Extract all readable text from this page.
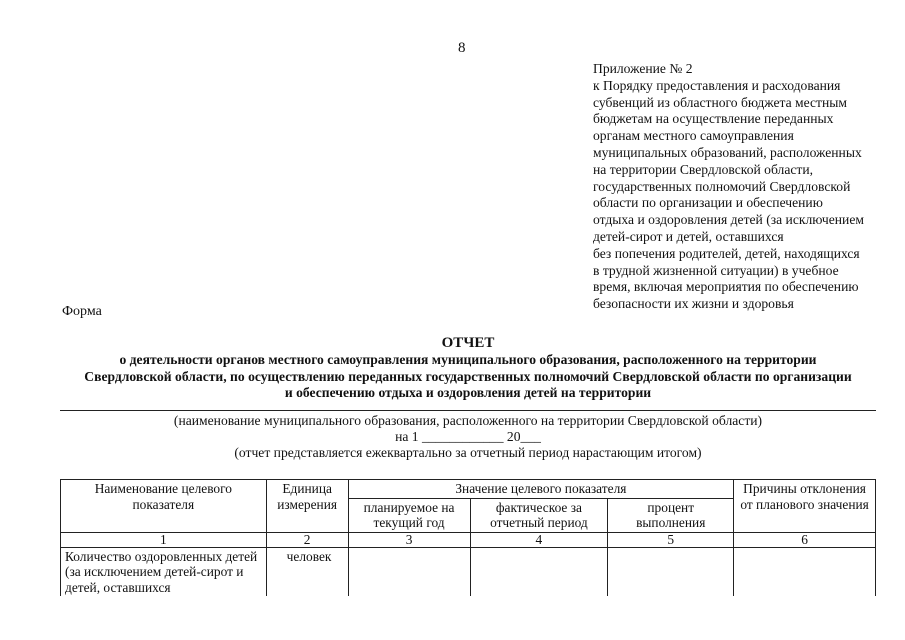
8
Приложение № 2
к Порядку предоставления и расходования
субвенций из областного бюджета местным
бюджетам на осуществление переданных
органам местного самоуправления
муниципальных образований, расположенных
на территории Свердловской области,
государственных полномочий Свердловской
области по организации и обеспечению
отдыха и оздоровления детей (за исключением
детей-сирот и детей, оставшихся
без попечения родителей, детей, находящихся
в трудной жизненной ситуации) в учебное
время, включая мероприятия по обеспечению
безопасности их жизни и здоровья
Форма
ОТЧЕТ
о деятельности органов местного самоуправления муниципального образования, расположенного на территории
Свердловской области, по осуществлению переданных государственных полномочий Свердловской области по организации
и обеспечению отдыха и оздоровления детей на территории
(наименование муниципального образования, расположенного на территории Свердловской области)
на 1 ____________ 20___
(отчет представляется ежеквартально за отчетный период нарастающим итогом)
Наименование целевого показателя	Единица измерения	Значение целевого показателя			Причины отклонения от планового значения
		планируемое на текущий год	фактическое за отчетный период	процент выполнения	
1	2	3	4	5	6
Количество оздоровленных детей (за исключением детей-сирот и детей, оставшихся	человек				
